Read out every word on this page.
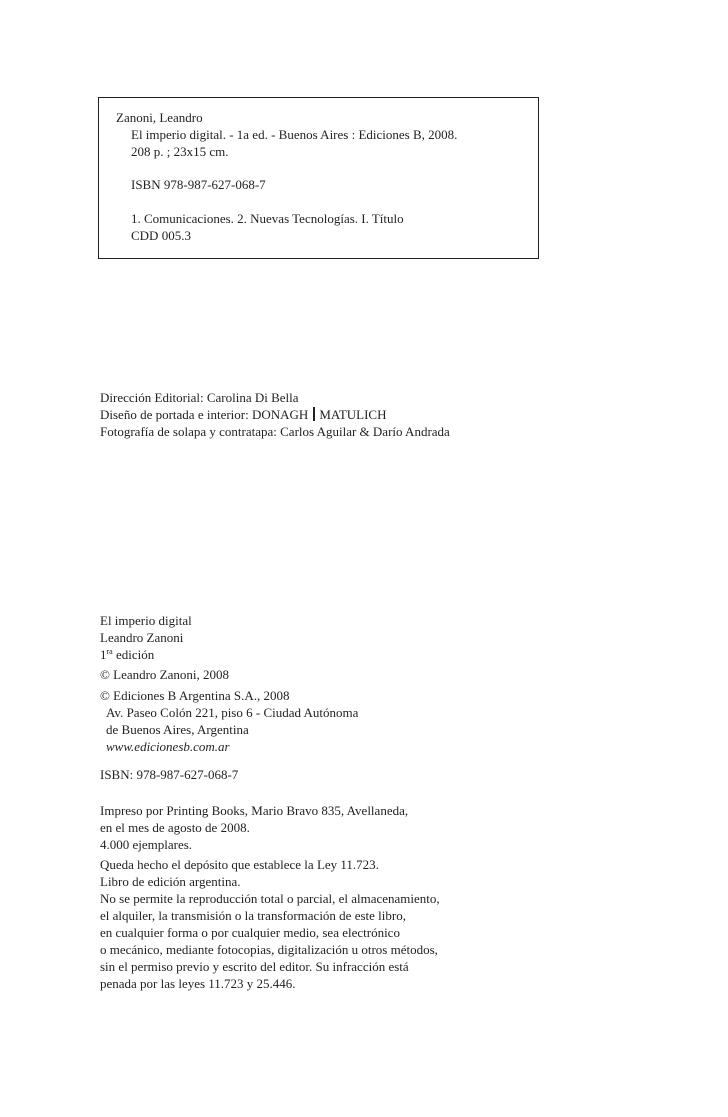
Zanoni, Leandro
El imperio digital. - 1a ed. - Buenos Aires : Ediciones B, 2008.
208 p. ; 23x15 cm.
ISBN 978-987-627-068-7
1. Comunicaciones. 2. Nuevas Tecnologías. I. Título
CDD 005.3
Dirección Editorial: Carolina Di Bella
Diseño de portada e interior: DONAGH MATULICH
Fotografía de solapa y contratapa: Carlos Aguilar & Darío Andrada
El imperio digital
Leandro Zanoni
$1^{ra}$ edición
© Leandro Zanoni, 2008
© Ediciones B Argentina S.A., 2008
Av. Paseo Colón 221, piso 6 - Ciudad Autónoma
de Buenos Aires, Argentina
www.edicionesb.com.ar
ISBN: 978-987-627-068-7
Impreso por Printing Books, Mario Bravo 835, Avellaneda,
en el mes de agosto de 2008.
4.000 ejemplares.
Queda hecho el depósito que establece la Ley 11.723.
Libro de edición argentina.
No se permite la reproducción total o parcial, el almacenamiento,
el alquiler, la transmisión o la transformación de este libro,
en cualquier forma o por cualquier medio, sea electrónico
o mecánico, mediante fotocopias, digitalización u otros métodos,
sin el permiso previo y escrito del editor. Su infracción está
penada por las leyes 11.723 y 25.446.
